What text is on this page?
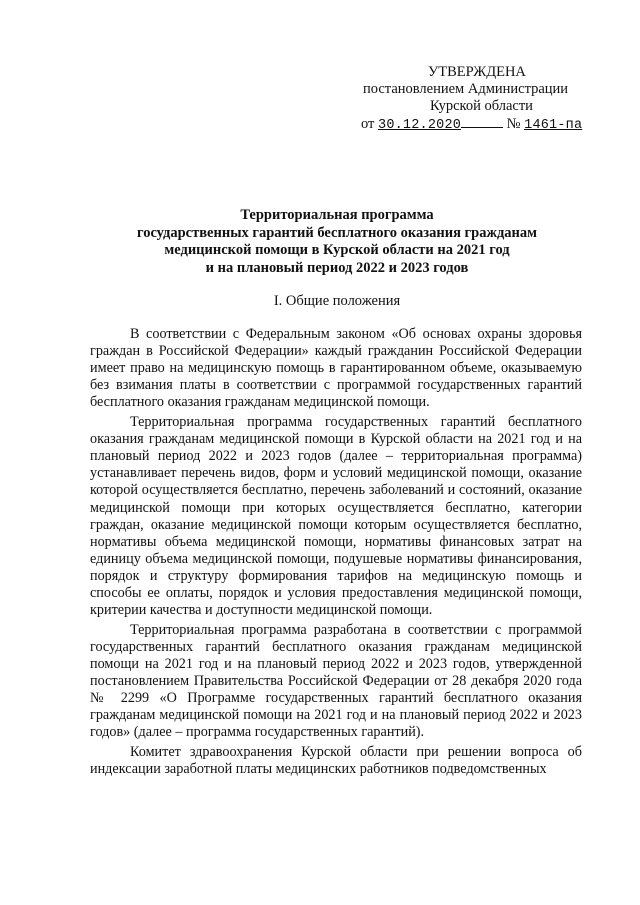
УТВЕРЖДЕНА
постановлением Администрации
Курской области
от 30.12.2020	№ 1461-па
Территориальная программа
государственных гарантий бесплатного оказания гражданам
медицинской помощи в Курской области на 2021 год
и на плановый период 2022 и 2023 годов
I. Общие положения

В соответствии с Федеральным законом «Об основах охраны здоровья граждан в Российской Федерации» каждый гражданин Российской Федерации имеет право на медицинскую помощь в гарантированном объеме, оказываемую без взимания платы в соответствии с программой государственных гарантий бесплатного оказания гражданам медицинской помощи.

Территориальная программа государственных гарантий бесплатного оказания гражданам медицинской помощи в Курской области на 2021 год и на плановый период 2022 и 2023 годов (далее – территориальная программа) устанавливает перечень видов, форм и условий медицинской помощи, оказание которой осуществляется бесплатно, перечень заболеваний и состояний, оказание медицинской помощи при которых осуществляется бесплатно, категории граждан, оказание медицинской помощи которым осуществляется бесплатно, нормативы объема медицинской помощи, нормативы финансовых затрат на единицу объема медицинской помощи, подушевые нормативы финансирования, порядок и структуру формирования тарифов на медицинскую помощь и способы ее оплаты, порядок и условия предоставления медицинской помощи, критерии качества и доступности медицинской помощи.

Территориальная программа разработана в соответствии с программой государственных гарантий бесплатного оказания гражданам медицинской помощи на 2021 год и на плановый период 2022 и 2023 годов, утвержденной постановлением Правительства Российской Федерации от 28 декабря 2020 года № 2299 «О Программе государственных гарантий бесплатного оказания гражданам медицинской помощи на 2021 год и на плановый период 2022 и 2023 годов» (далее – программа государственных гарантий).

Комитет здравоохранения Курской области при решении вопроса об индексации заработной платы медицинских работников подведомственных
